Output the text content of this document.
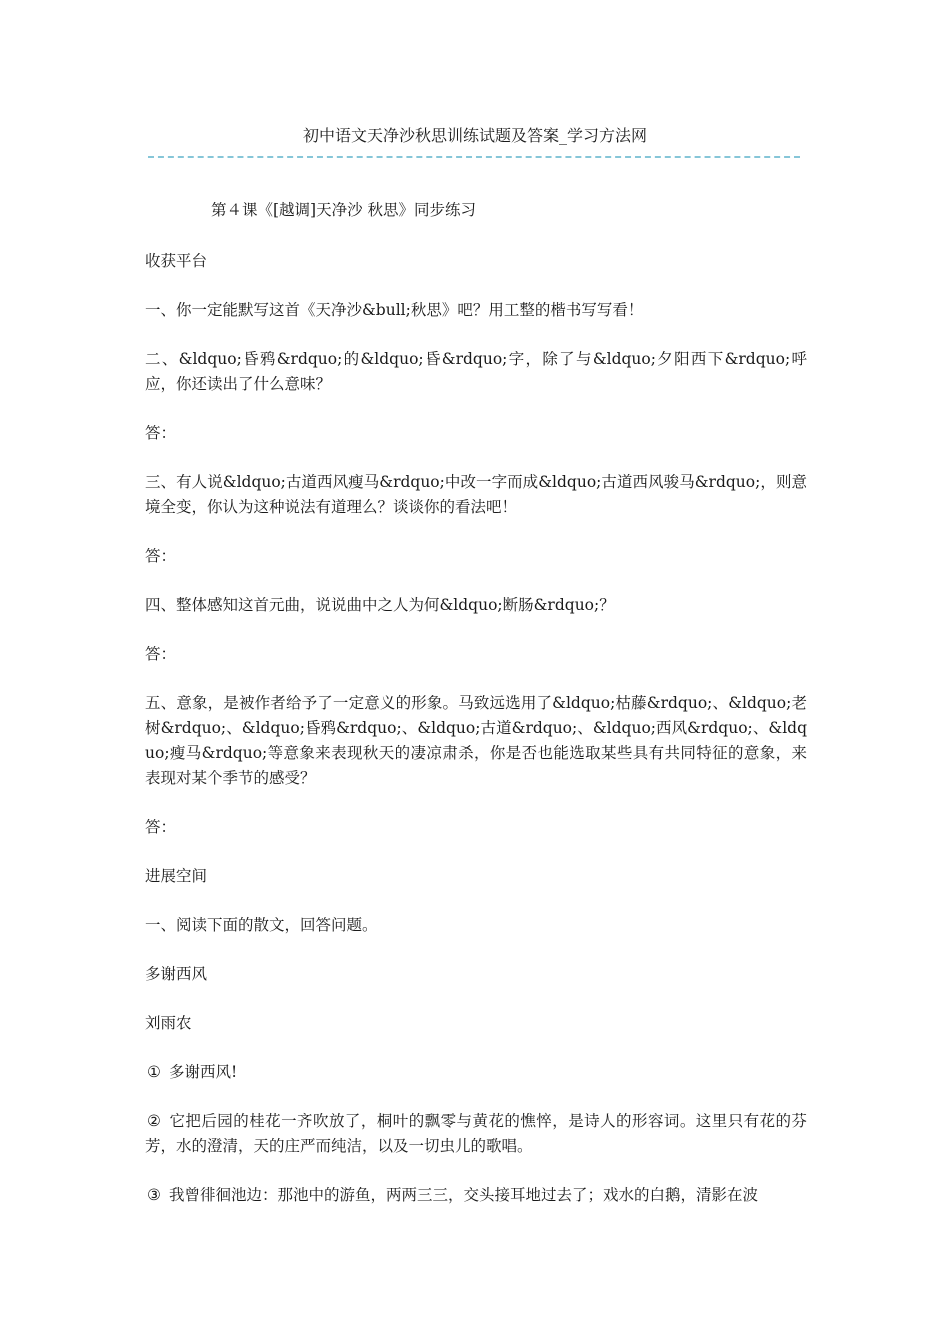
初中语文天净沙秋思训练试题及答案_学习方法网

第４课《[越调]天净沙 秋思》同步练习

收获平台

一、你一定能默写这首《天净沙&bull;秋思》吧？用工整的楷书写写看！

二、&ldquo;昏鸦&rdquo;的&ldquo;昏&rdquo;字，除了与&ldquo;夕阳西下&rdquo;呼应，你还读出了什么意味？

答：

三、有人说&ldquo;古道西风瘦马&rdquo;中改一字而成&ldquo;古道西风骏马&rdquo;，则意境全变，你认为这种说法有道理么？谈谈你的看法吧！

答：

四、整体感知这首元曲，说说曲中之人为何&ldquo;断肠&rdquo;？

答：

五、意象，是被作者给予了一定意义的形象。马致远选用了&ldquo;枯藤&rdquo;、&ldquo;老树&rdquo;、&ldquo;昏鸦&rdquo;、&ldquo;古道&rdquo;、&ldquo;西风&rdquo;、&ldquo;瘦马&rdquo;等意象来表现秋天的凄凉肃杀，你是否也能选取某些具有共同特征的意象，来表现对某个季节的感受？

答：

进展空间

一、阅读下面的散文，回答问题。

多谢西风

刘雨农

① 多谢西风!

② 它把后园的桂花一齐吹放了，桐叶的飘零与黄花的憔悴，是诗人的形容词。这里只有花的芬芳，水的澄清，天的庄严而纯洁，以及一切虫儿的歌唱。

③ 我曾徘徊池边：那池中的游鱼，两两三三，交头接耳地过去了；戏水的白鹅，清影在波
